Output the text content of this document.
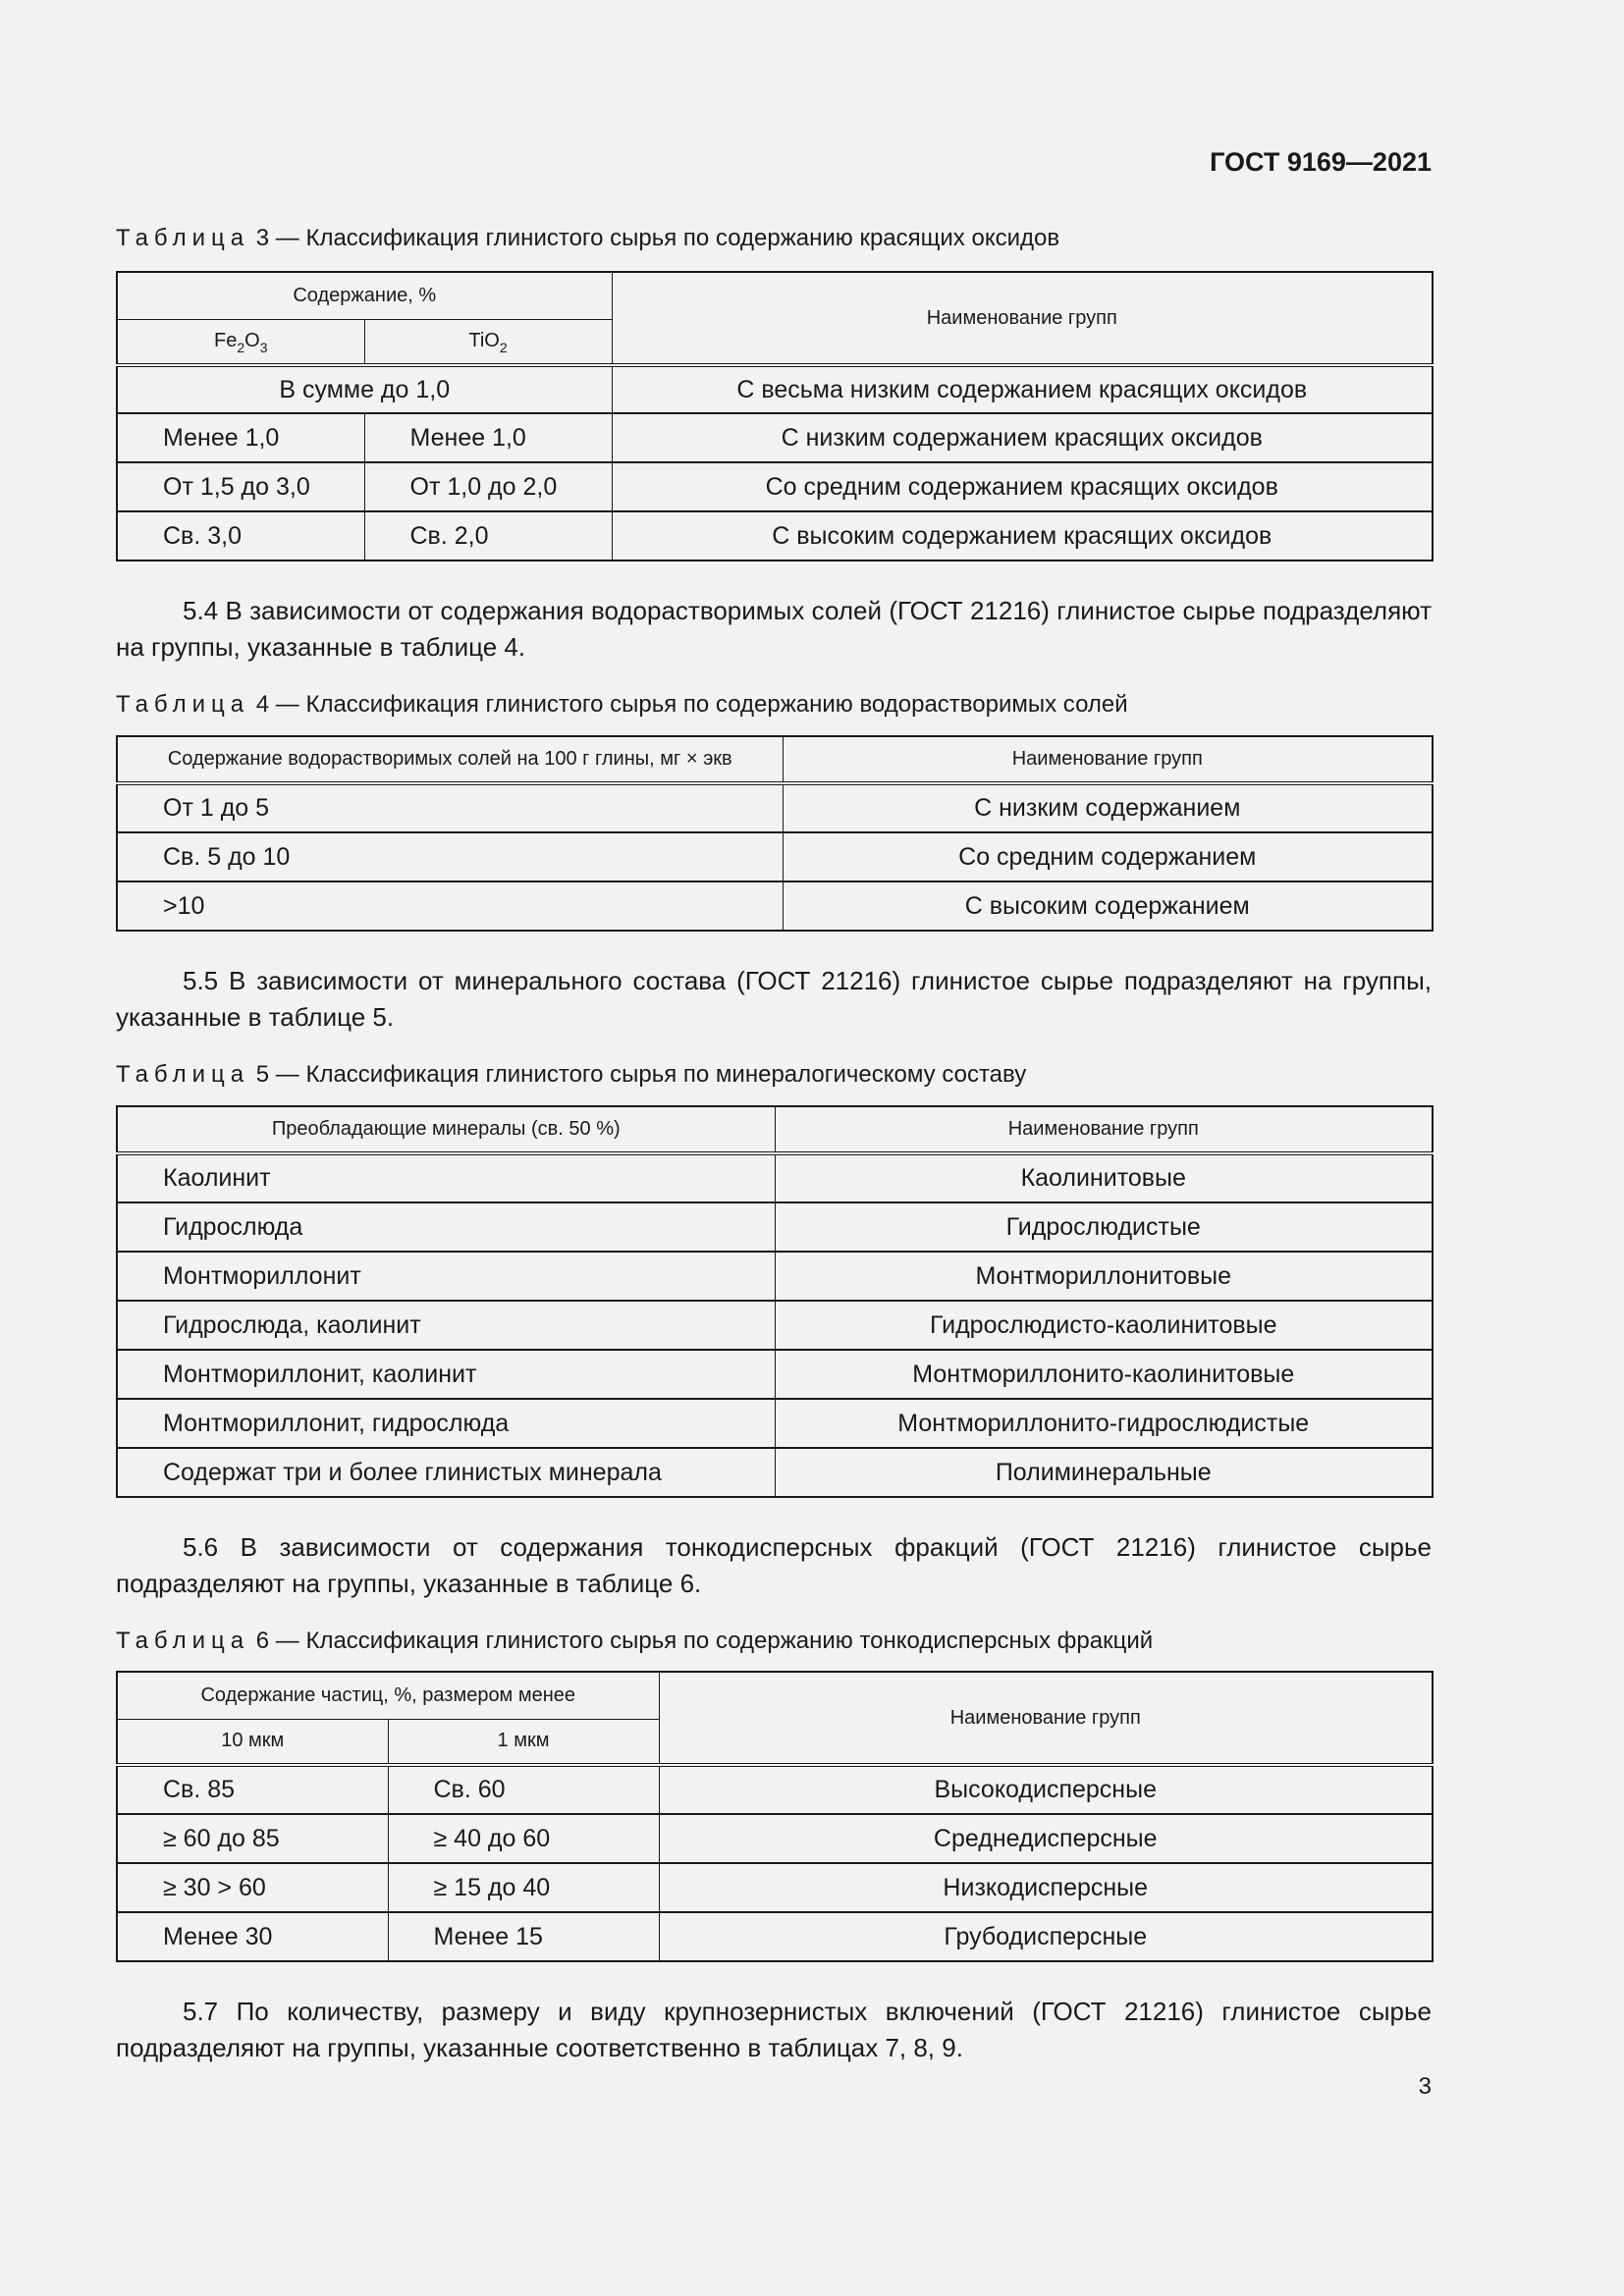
ГОСТ 9169—2021
Таблица 3 — Классификация глинистого сырья по содержанию красящих оксидов
Содержание, %		Наименование групп
$Fe_2O_3$	TiO$_2$
В сумме до 1,0		С весьма низким содержанием красящих оксидов
Менее 1,0	Менее 1,0	С низким содержанием красящих оксидов
От 1,5 до 3,0	От 1,0 до 2,0	Со средним содержанием красящих оксидов
Св. 3,0	Св. 2,0	С высоким содержанием красящих оксидов

5.4 В зависимости от содержания водорастворимых солей (ГОСТ 21216) глинистое сырье подразделяют на группы, указанные в таблице 4.

Таблица 4 — Классификация глинистого сырья по содержанию водорастворимых солей
Содержание водорастворимых солей на 100 г глины, мг × экв	Наименование групп
От 1 до 5	С низким содержанием
Св. 5 до 10	Со средним содержанием
>10	С высоким содержанием

5.5 В зависимости от минерального состава (ГОСТ 21216) глинистое сырье подразделяют на группы, указанные в таблице 5.

Таблица 5 — Классификация глинистого сырья по минералогическому составу
Преобладающие минералы (св. 50 %)	Наименование групп
Каолинит	Каолинитовые
Гидрослюда	Гидрослюдистые
Монтмориллонит	Монтмориллонитовые
Гидрослюда, каолинит	Гидрослюдисто-каолинитовые
Монтмориллонит, каолинит	Монтмориллонито-каолинитовые
Монтмориллонит, гидрослюда	Монтмориллонито-гидрослюдистые
Содержат три и более глинистых минерала	Полиминеральные

5.6 В зависимости от содержания тонкодисперсных фракций (ГОСТ 21216) глинистое сырье подразделяют на группы, указанные в таблице 6.

Таблица 6 — Классификация глинистого сырья по содержанию тонкодисперсных фракций
Содержание частиц, %, размером менее		Наименование групп
10 мкм	1 мкм	
Св. 85	Св. 60	Высокодисперсные
≥ 60 до 85	≥ 40 до 60	Среднедисперсные
≥ 30 > 60	≥ 15 до 40	Низкодисперсные
Менее 30	Менее 15	Грубодисперсные

5.7 По количеству, размеру и виду крупнозернистых включений (ГОСТ 21216) глинистое сырье подразделяют на группы, указанные соответственно в таблицах 7, 8, 9.

3
